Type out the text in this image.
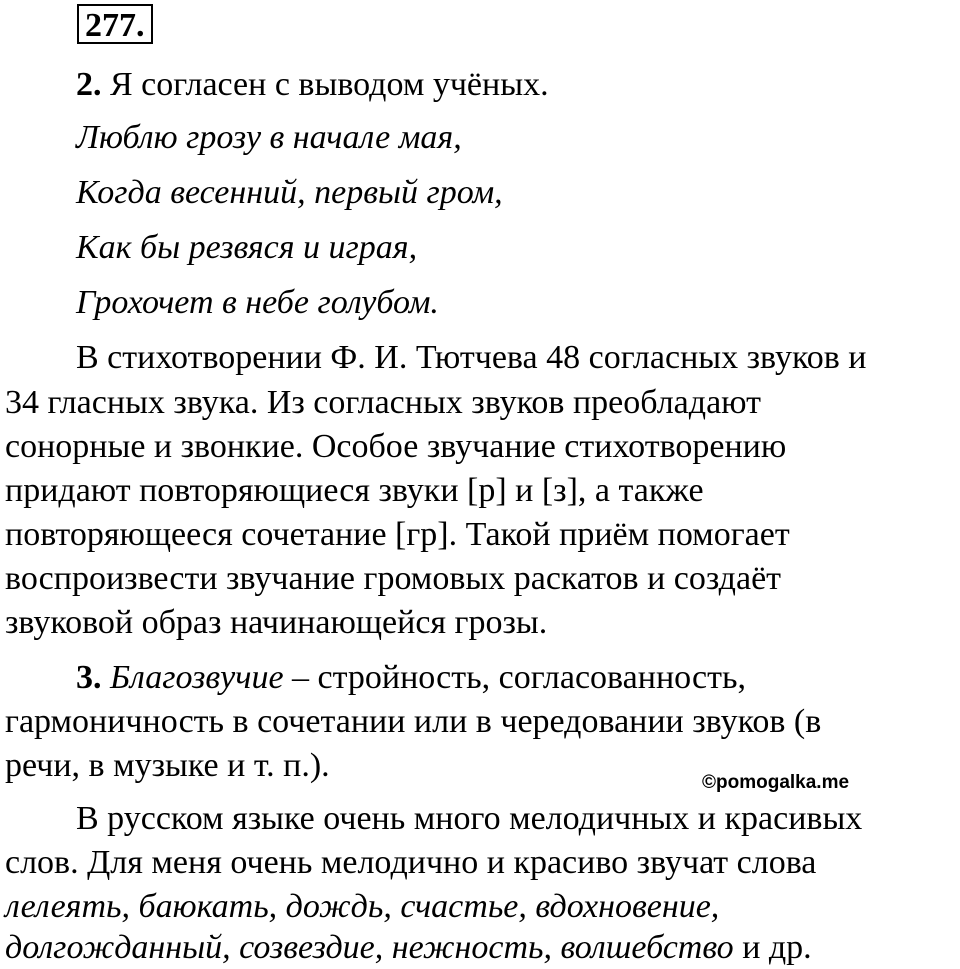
277.
2. Я согласен с выводом учёных.
Люблю грозу в начале мая,
Когда весенний, первый гром,
Как бы резвяся и играя,
Грохочет в небе голубом.
В стихотворении Ф. И. Тютчева 48 согласных звуков и
34 гласных звука. Из согласных звуков преобладают
сонорные и звонкие. Особое звучание стихотворению
придают повторяющиеся звуки [р] и [з], а также
повторяющееся сочетание [гр]. Такой приём помогает
воспроизвести звучание громовых раскатов и создаёт
звуковой образ начинающейся грозы.
3. Благозвучие – стройность, согласованность,
гармоничность в сочетании или в чередовании звуков (в
речи, в музыке и т. п.).	©pomogalka.me
В русском языке очень много мелодичных и красивых
слов. Для меня очень мелодично и красиво звучат слова
лелеять, баюкать, дождь, счастье, вдохновение,
долгожданный, созвездие, нежность, волшебство и др.
